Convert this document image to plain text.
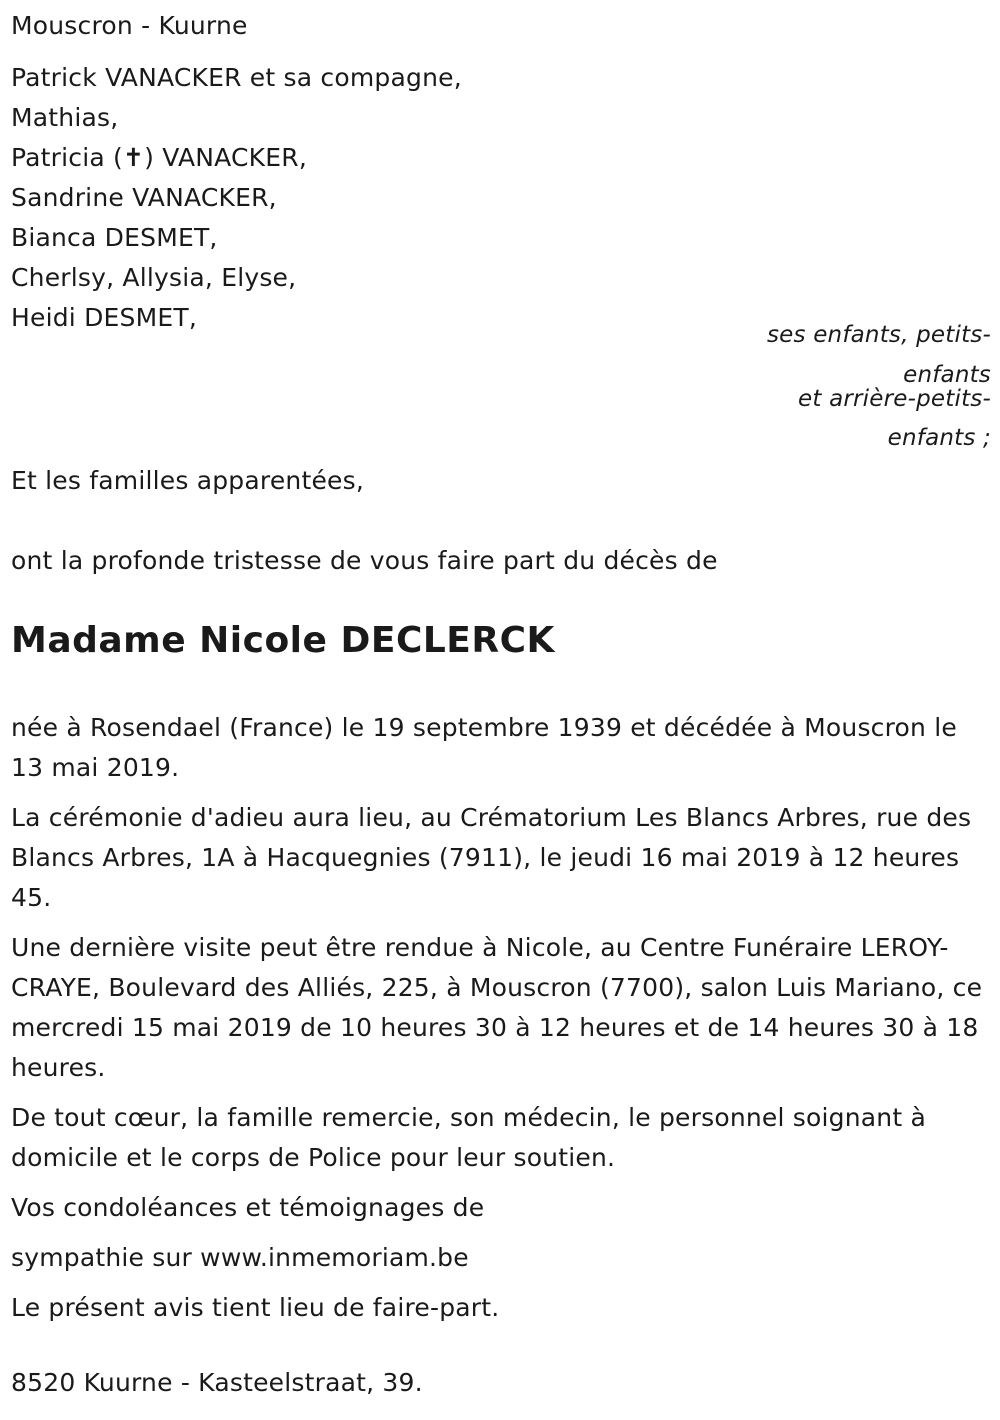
Mouscron - Kuurne
Patrick VANACKER et sa compagne,
Mathias,
Patricia (✝) VANACKER,
Sandrine VANACKER,
Bianca DESMET,
Cherlsy, Allysia, Elyse,
Heidi DESMET,
ses enfants, petits-
enfants
et arrière-petits-
enfants ;
Et les familles apparentées,
ont la profonde tristesse de vous faire part du décès de
Madame Nicole DECLERCK

née à Rosendael (France) le 19 septembre 1939 et décédée à Mouscron le 13 mai 2019.

La cérémonie d'adieu aura lieu, au Crématorium Les Blancs Arbres, rue des Blancs Arbres, 1A à Hacquegnies (7911), le jeudi 16 mai 2019 à 12 heures 45.

Une dernière visite peut être rendue à Nicole, au Centre Funéraire LEROY-CRAYE, Boulevard des Alliés, 225, à Mouscron (7700), salon Luis Mariano, ce mercredi 15 mai 2019 de 10 heures 30 à 12 heures et de 14 heures 30 à 18 heures.

De tout cœur, la famille remercie, son médecin, le personnel soignant à domicile et le corps de Police pour leur soutien.

Vos condoléances et témoignages de

sympathie sur www.inmemoriam.be

Le présent avis tient lieu de faire-part.

8520 Kuurne - Kasteelstraat, 39.
